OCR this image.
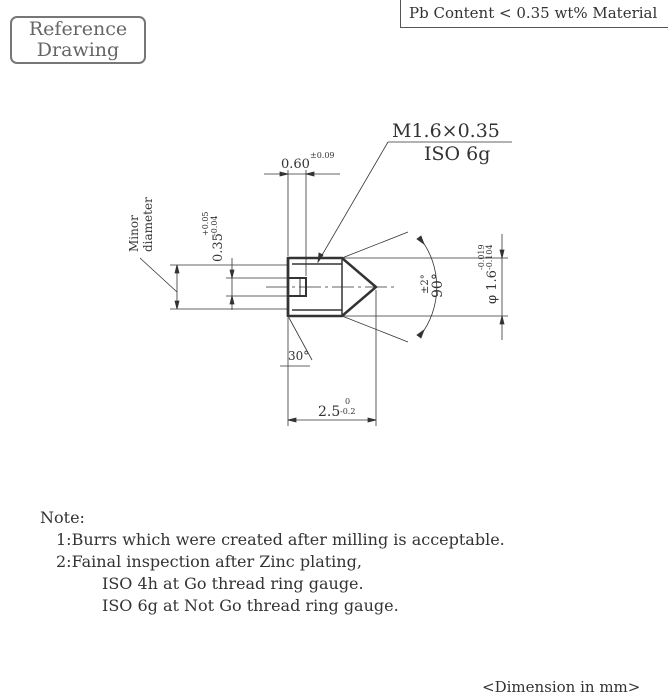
Reference
Drawing
Pb Content < 0.35 wt% Material
M1.6×0.35
ISO 6g
0.60
±0.09
0.35
+0.05 -0.04
Minor diameter
30°
2.5
0
-0.2
90°
±2°	φ 1.6
-0.019 -0.104
Note:
1:Burrs which were created after milling is acceptable.
2:Fainal inspection after Zinc plating,
ISO 4h at Go thread ring gauge.
ISO 6g at Not Go thread ring gauge.
<Dimension in mm>
